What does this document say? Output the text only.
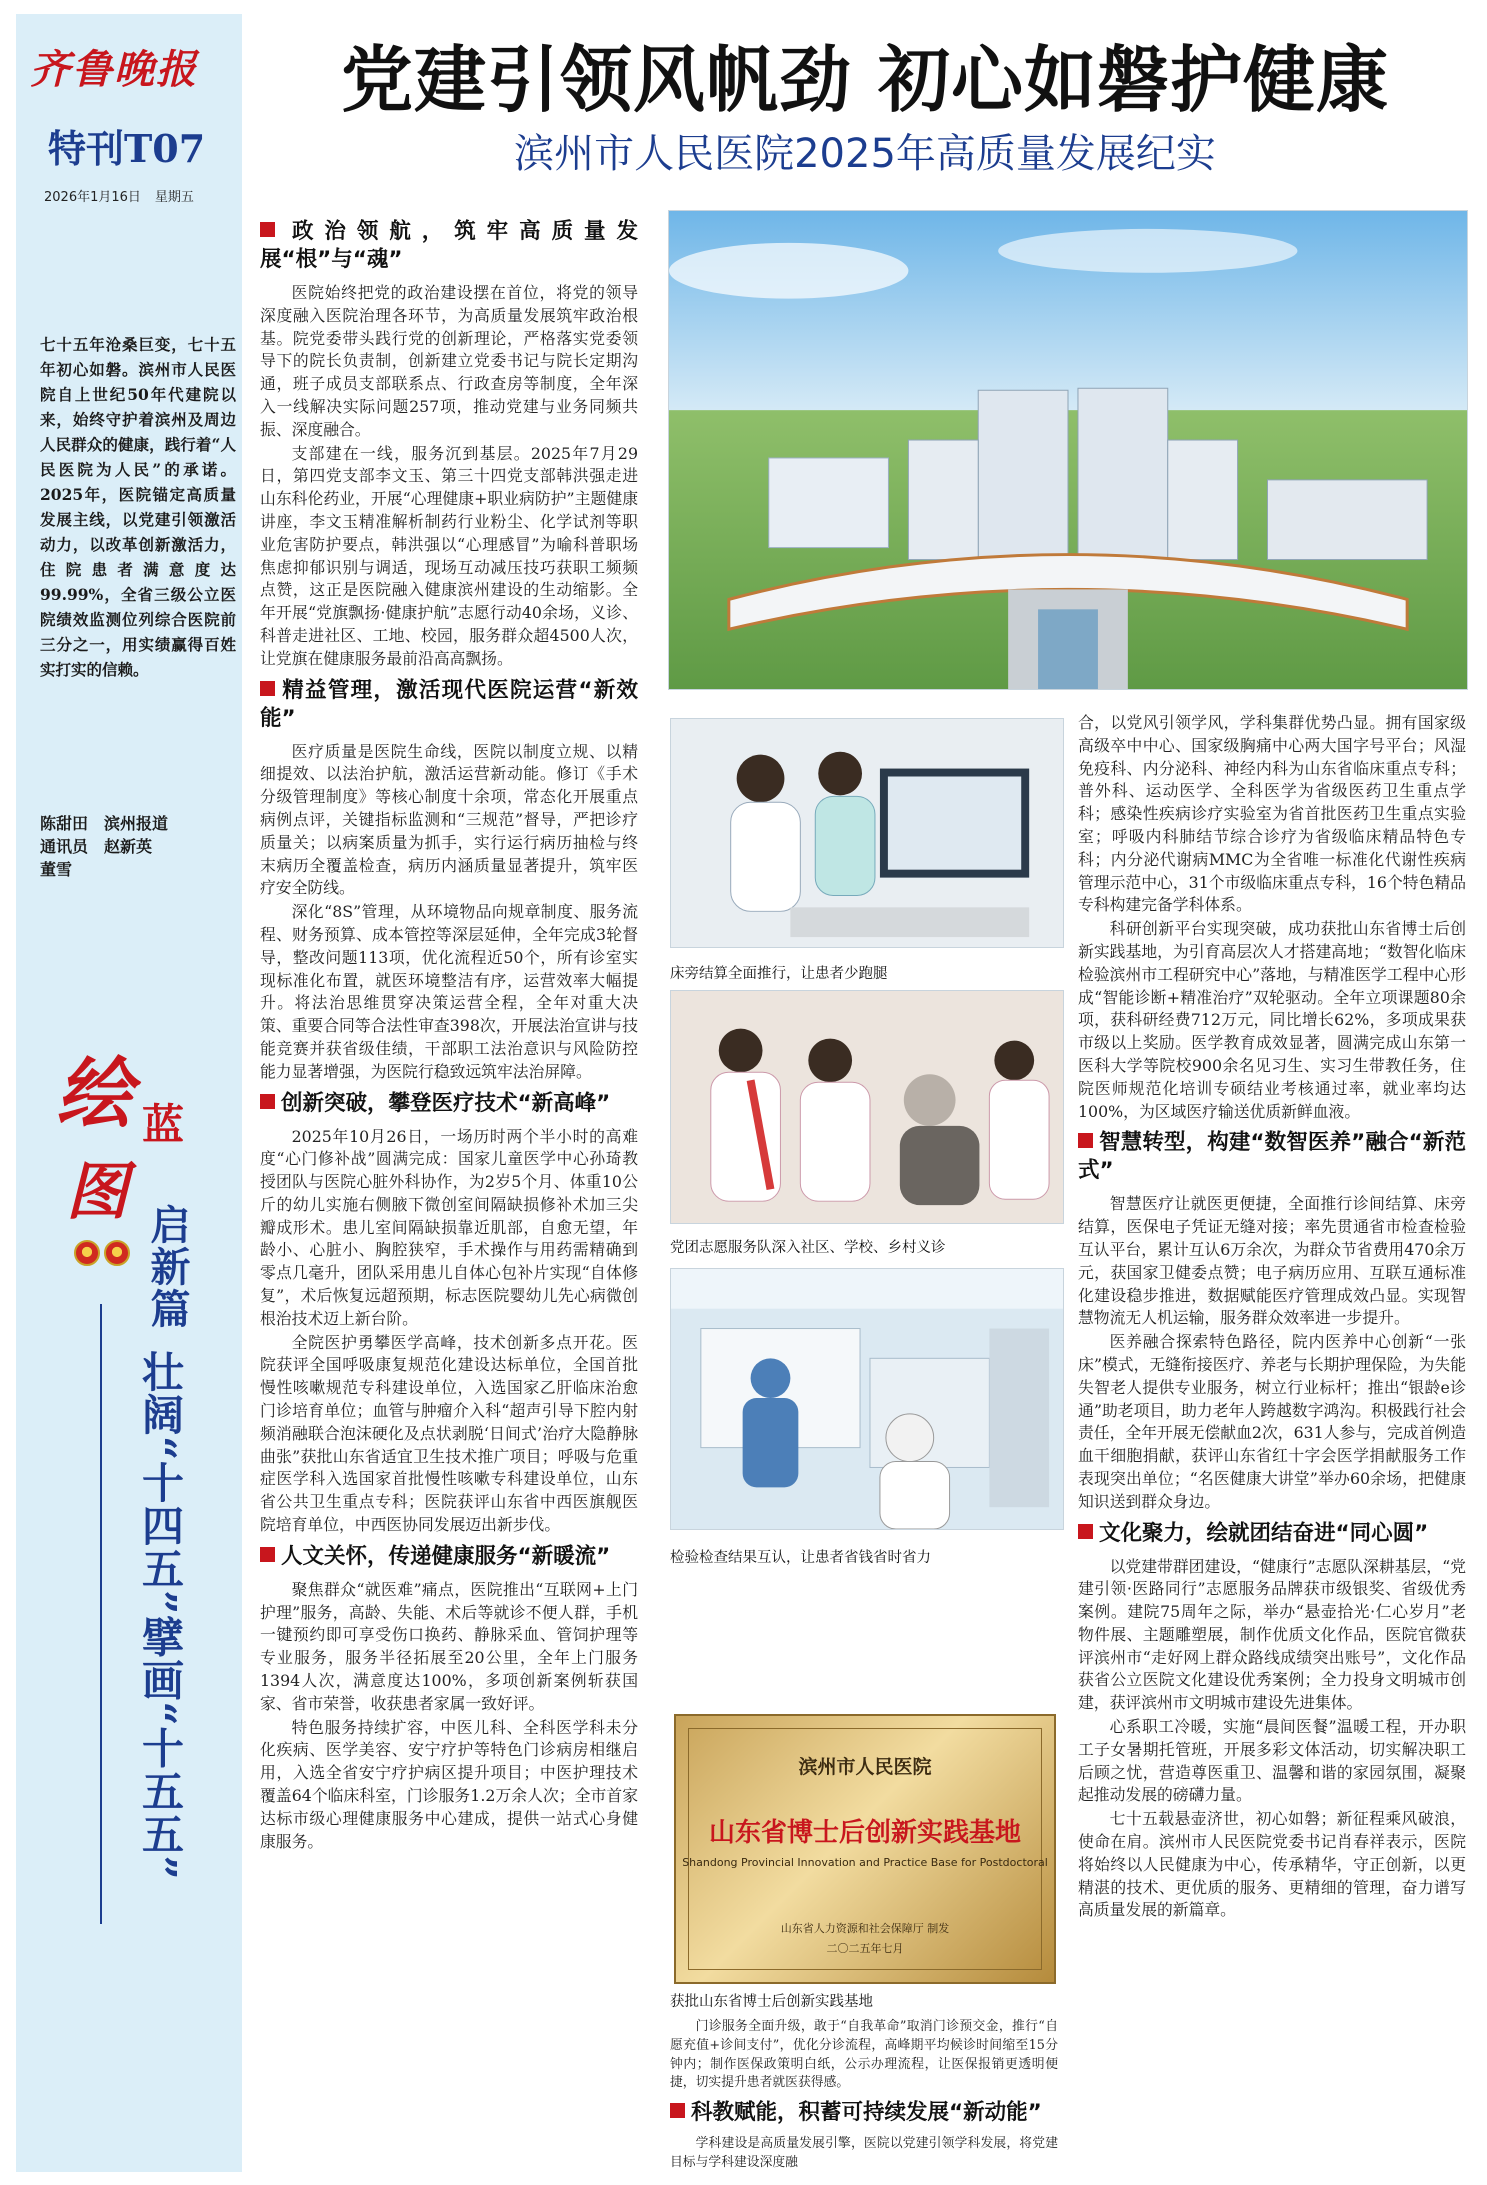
齐鲁晚报
特刊T07
2026年1月16日 星期五
七十五年沧桑巨变，七十五年初心如磐。滨州市人民医院自上世纪50年代建院以来，始终守护着滨州及周边人民群众的健康，践行着“人民医院为人民”的承诺。2025年，医院锚定高质量发展主线，以党建引领激活动力，以改革创新激活力，住院患者满意度达99.99%，全省三级公立医院绩效监测位列综合医院前三分之一，用实绩赢得百姓实打实的信赖。
陈甜田 滨州报道
通讯员 赵新英
董雪
绘 蓝
图
启新篇
壮阔“十四五”擘画“十五五”
党建引领风帆劲 初心如磐护健康
滨州市人民医院2025年高质量发展纪实
政治领航，筑牢高质量发展“根”与“魂”

医院始终把党的政治建设摆在首位，将党的领导深度融入医院治理各环节，为高质量发展筑牢政治根基。院党委带头践行党的创新理论，严格落实党委领导下的院长负责制，创新建立党委书记与院长定期沟通，班子成员支部联系点、行政查房等制度，全年深入一线解决实际问题257项，推动党建与业务同频共振、深度融合。

支部建在一线，服务沉到基层。2025年7月29日，第四党支部李文玉、第三十四党支部韩洪强走进山东科伦药业，开展“心理健康+职业病防护”主题健康讲座，李文玉精准解析制药行业粉尘、化学试剂等职业危害防护要点，韩洪强以“心理感冒”为喻科普职场焦虑抑郁识别与调适，现场互动减压技巧获职工频频点赞，这正是医院融入健康滨州建设的生动缩影。全年开展“党旗飘扬·健康护航”志愿行动40余场，义诊、科普走进社区、工地、校园，服务群众超4500人次，让党旗在健康服务最前沿高高飘扬。

精益管理，激活现代医院运营“新效能”

医疗质量是医院生命线，医院以制度立规、以精细提效、以法治护航，激活运营新动能。修订《手术分级管理制度》等核心制度十余项，常态化开展重点病例点评，关键指标监测和“三规范”督导，严把诊疗质量关；以病案质量为抓手，实行运行病历抽检与终末病历全覆盖检查，病历内涵质量显著提升，筑牢医疗安全防线。

深化“8S”管理，从环境物品向规章制度、服务流程、财务预算、成本管控等深层延伸，全年完成3轮督导，整改问题113项，优化流程近50个，所有诊室实现标准化布置，就医环境整洁有序，运营效率大幅提升。将法治思维贯穿决策运营全程，全年对重大决策、重要合同等合法性审查398次，开展法治宣讲与技能竞赛并获省级佳绩，干部职工法治意识与风险防控能力显著增强，为医院行稳致远筑牢法治屏障。

创新突破，攀登医疗技术“新高峰”

2025年10月26日，一场历时两个半小时的高难度“心门修补战”圆满完成：国家儿童医学中心孙琦教授团队与医院心脏外科协作，为2岁5个月、体重10公斤的幼儿实施右侧腋下微创室间隔缺损修补术加三尖瓣成形术。患儿室间隔缺损靠近肌部，自愈无望，年龄小、心脏小、胸腔狭窄，手术操作与用药需精确到零点几毫升，团队采用患儿自体心包补片实现“自体修复”，术后恢复远超预期，标志医院婴幼儿先心病微创根治技术迈上新台阶。

全院医护勇攀医学高峰，技术创新多点开花。医院获评全国呼吸康复规范化建设达标单位，全国首批慢性咳嗽规范专科建设单位，入选国家乙肝临床治愈门诊培育单位；血管与肿瘤介入科“超声引导下腔内射频消融联合泡沫硬化及点状剥脱‘日间式’治疗大隐静脉曲张”获批山东省适宜卫生技术推广项目；呼吸与危重症医学科入选国家首批慢性咳嗽专科建设单位，山东省公共卫生重点专科；医院获评山东省中西医旗舰医院培育单位，中西医协同发展迈出新步伐。

人文关怀，传递健康服务“新暖流”

聚焦群众“就医难”痛点，医院推出“互联网+上门护理”服务，高龄、失能、术后等就诊不便人群，手机一键预约即可享受伤口换药、静脉采血、管饲护理等专业服务，服务半径拓展至20公里，全年上门服务1394人次，满意度达100%，多项创新案例斩获国家、省市荣誉，收获患者家属一致好评。

特色服务持续扩容，中医儿科、全科医学科未分化疾病、医学美容、安宁疗护等特色门诊病房相继启用，入选全省安宁疗护病区提升项目；中医护理技术覆盖64个临床科室，门诊服务1.2万余人次；全市首家达标市级心理健康服务中心建成，提供一站式心身健康服务。

床旁结算全面推行，让患者少跑腿
党团志愿服务队深入社区、学校、乡村义诊
检验检查结果互认，让患者省钱省时省力
滨州市人民医院
山东省博士后创新实践基地
Shandong Provincial Innovation and Practice Base for Postdoctoral
山东省人力资源和社会保障厅 制发
二〇二五年七月
获批山东省博士后创新实践基地

门诊服务全面升级，敢于“自我革命”取消门诊预交金，推行“自愿充值+诊间支付”，优化分诊流程，高峰期平均候诊时间缩至15分钟内；制作医保政策明白纸，公示办理流程，让医保报销更透明便捷，切实提升患者就医获得感。

科教赋能，积蓄可持续发展“新动能”

学科建设是高质量发展引擎，医院以党建引领学科发展，将党建目标与学科建设深度融

合，以党风引领学风，学科集群优势凸显。拥有国家级高级卒中中心、国家级胸痛中心两大国字号平台；风湿免疫科、内分泌科、神经内科为山东省临床重点专科；普外科、运动医学、全科医学为省级医药卫生重点学科；感染性疾病诊疗实验室为省首批医药卫生重点实验室；呼吸内科肺结节综合诊疗为省级临床精品特色专科；内分泌代谢病MMC为全省唯一标准化代谢性疾病管理示范中心，31个市级临床重点专科，16个特色精品专科构建完备学科体系。

科研创新平台实现突破，成功获批山东省博士后创新实践基地，为引育高层次人才搭建高地；“数智化临床检验滨州市工程研究中心”落地，与精准医学工程中心形成“智能诊断+精准治疗”双轮驱动。全年立项课题80余项，获科研经费712万元，同比增长62%，多项成果获市级以上奖励。医学教育成效显著，圆满完成山东第一医科大学等院校900余名见习生、实习生带教任务，住院医师规范化培训专硕结业考核通过率，就业率均达100%，为区域医疗输送优质新鲜血液。

智慧转型，构建“数智医养”融合“新范式”

智慧医疗让就医更便捷，全面推行诊间结算、床旁结算，医保电子凭证无缝对接；率先贯通省市检查检验互认平台，累计互认6万余次，为群众节省费用470余万元，获国家卫健委点赞；电子病历应用、互联互通标准化建设稳步推进，数据赋能医疗管理成效凸显。实现智慧物流无人机运输，服务群众效率进一步提升。

医养融合探索特色路径，院内医养中心创新“一张床”模式，无缝衔接医疗、养老与长期护理保险，为失能失智老人提供专业服务，树立行业标杆；推出“银龄e诊通”助老项目，助力老年人跨越数字鸿沟。积极践行社会责任，全年开展无偿献血2次，631人参与，完成首例造血干细胞捐献，获评山东省红十字会医学捐献服务工作表现突出单位；“名医健康大讲堂”举办60余场，把健康知识送到群众身边。

文化聚力，绘就团结奋进“同心圆”

以党建带群团建设，“健康行”志愿队深耕基层，“党建引领·医路同行”志愿服务品牌获市级银奖、省级优秀案例。建院75周年之际，举办“悬壶拾光·仁心岁月”老物件展、主题雕塑展，制作优质文化作品，医院官微获评滨州市“走好网上群众路线成绩突出账号”，文化作品获省公立医院文化建设优秀案例；全力投身文明城市创建，获评滨州市文明城市建设先进集体。

心系职工冷暖，实施“晨间医餐”温暖工程，开办职工子女暑期托管班，开展多彩文体活动，切实解决职工后顾之忧，营造尊医重卫、温馨和谐的家园氛围，凝聚起推动发展的磅礴力量。

七十五载悬壶济世，初心如磐；新征程乘风破浪，使命在肩。滨州市人民医院党委书记肖春祥表示，医院将始终以人民健康为中心，传承精华，守正创新，以更精湛的技术、更优质的服务、更精细的管理，奋力谱写高质量发展的新篇章。
